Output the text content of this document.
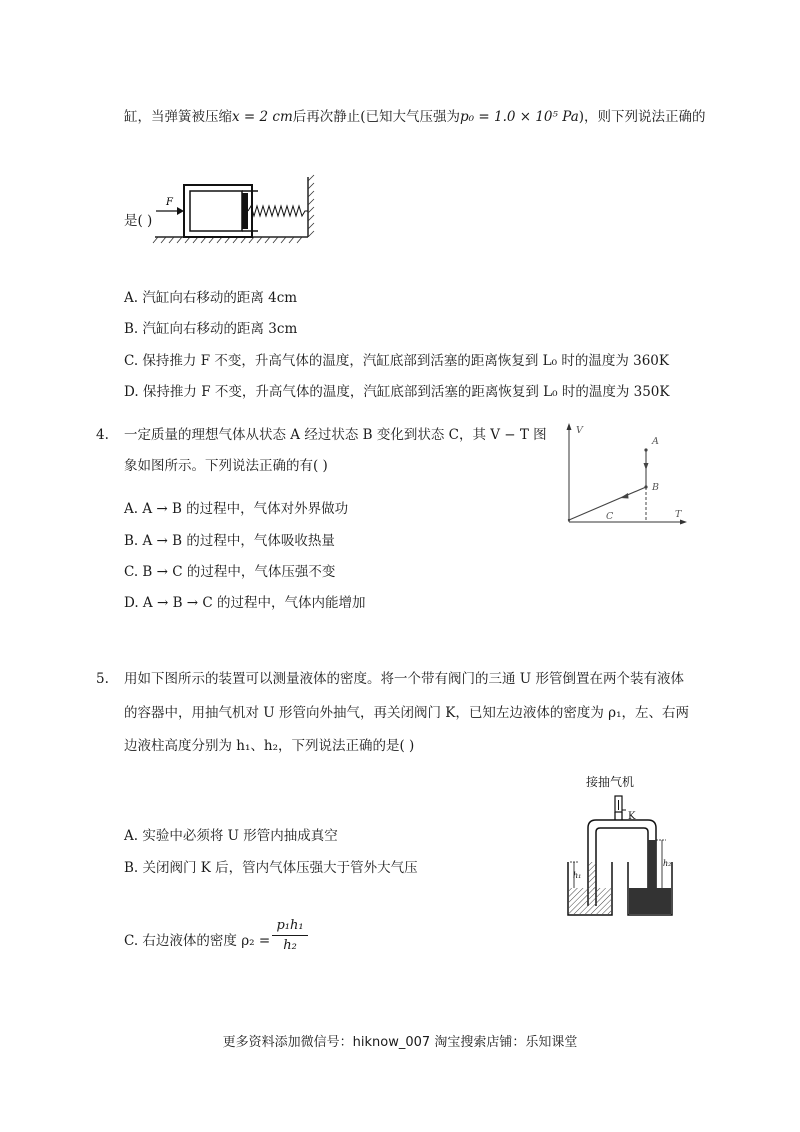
缸，当弹簧被压缩x = 2 cm后再次静止(已知大气压强为p₀ = 1.0 × 10⁵ Pa)，则下列说法正确的
是( )
F
A. 汽缸向右移动的距离 4cm
B. 汽缸向右移动的距离 3cm
C. 保持推力 F 不变，升高气体的温度，汽缸底部到活塞的距离恢复到 L₀ 时的温度为 360K
D. 保持推力 F 不变，升高气体的温度，汽缸底部到活塞的距离恢复到 L₀ 时的温度为 350K
4. 一定质量的理想气体从状态 A 经过状态 B 变化到状态 C，其 V − T 图
象如图所示。下列说法正确的有( )
V
T
A
B
C
A. A → B 的过程中，气体对外界做功
B. A → B 的过程中，气体吸收热量
C. B → C 的过程中，气体压强不变
D. A → B → C 的过程中，气体内能增加
5. 用如下图所示的装置可以测量液体的密度。将一个带有阀门的三通 U 形管倒置在两个装有液体
的容器中，用抽气机对 U 形管向外抽气，再关闭阀门 K，已知左边液体的密度为 ρ₁，左、右两
边液柱高度分别为 h₁、h₂，下列说法正确的是( )
接抽气机
K
h₁
h₂
A. 实验中必须将 U 形管内抽成真空
B. 关闭阀门 K 后，管内气体压强大于管外大气压
C. 右边液体的密度 $\rho_2 = \frac{\text{p₁h₁}}{\text{h₂}}$
更多资料添加微信号：hiknow_007 淘宝搜索店铺：乐知课堂
